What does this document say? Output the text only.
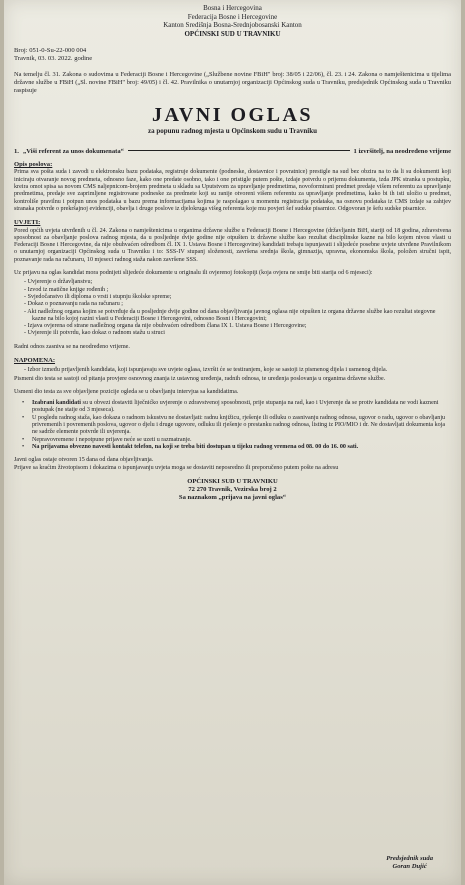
Bosna i Hercegovina
Federacija Bosne i Hercegovine
Kanton Središnja Bosna-Srednjobosanski Kanton
OPĆINSKI SUD U TRAVNIKU
Broj: 051-0-Su-22-000 004
Travnik, 03. 03. 2022. godine
Na temelju čl. 31. Zakona o sudovima u Federaciji Bosne i Hercegovine („Službene novine FBiH" broj: 38/05 i 22/06), čl. 23. i 24. Zakona o namještenicima u tijelima državne službe u FBiH („Sl. novine FBiH" broj: 49/05) i čl. 42. Pravilnika o unutarnjoj organizaciji Općinskog suda u Travniku, predsjednik Općinskog suda u Travniku raspisuje
JAVNI OGLAS
za popunu radnog mjesta u Općinskom sudu u Travniku
1. „Viši referent za unos dokumenata“	1 izvršitelj, na neodređeno vrijeme
Opis poslova:
Prima sva pošta suda i zavodi u elektronsku bazu podataka, registruje dokumente (podneske, dostavnice i povratnice) prestiglе na sud bez obzira na to da li su dokumenti koji iniciraju otvaranje novog predmeta, odnosno faze, kako one predate osobno, tako i one pristigle putem pošte, izdaje potvrdu o prijemu dokumenta, izda JPK stranka u postupku, kreira omot spisa sa novom CMS naljepnicom-brojem predmeta u skladu sa Uputstvom za upravljanje predmetima, novoformirani predmet predaje višem referentu za upravljanje predmetima, predaje sve zaprimljene registrovane podneske za predmete koji su ranije otvoreni višem referentu za upravljanje predmetima, kako bi ih isti uložio u predmet, kontroliše pravilnu i potpun unos podataka u bazu prema informacijama kojima je raspolagao u momentu registracija podataka, na osnovu podataka iz CMS izdaje sa zahtjev stranaka potvrde o prekršajnoj evidenciji, obavlja i druge poslove iz djelokruga višeg referenta koje mu povjeri šef sudske pisarnice. Odgovoran je šefu sudske pisarnice.
UVJETI:
Pored općih uvjeta utvrđenih u čl. 24. Zakona o namještenicima u organima državne službe u Federaciji Bosne i Hercegovine (državljanin BiH, stariji od 18 godina, zdravstvena sposobnost za obavljanje poslova radnog mjesta, da u posljednje dvije godine nije otpušten iz državne službe kao rezultat disciplinske kazne na bilo kojem nivou vlasti u Federaciji Bosne i Hercegovine, da nije obuhvaćen odredbom čl. IX 1. Ustava Bosne i Hercegovine) kandidati trebaju ispunjavati i slijedeće posebne uvjete utvrđene Pravilnikom o unutarnjoj organizaciji Općinskog suda u Travniku i to: SSS-IV stupanj složenosti, završena srednja škola, gimnazija, upravna, ekonomska škola, položen stručni ispit, poznavanje rada na računaru, 10 mjeseci radnog staža nakon završene SSS.
Uz prijavu na oglas kandidat mora podnijeti slijedeće dokumente u originalu ili ovjerenoj fotokopiji (koja ovjera ne smije biti starija od 6 mjeseci):
- Uvjerenje o državljanstvu;
- Izvod iz matične knjige rođenih ;
- Svjedočanstvo ili diploma o vrsti i stupnju školske spreme;
- Dokaz o poznavanju rada na računaru ;
- Akt nadležnog organa kojim se potvrđuje da u posljednje dvije godine od dana objavljivanja javnog oglasa nije otpušten iz organa državne službe kao rezultat stegovne kazne na bilo kojoj razini vlasti u Federaciji Bosne i Hercegovini, odnosno Bosni i Hercegovini;
- Izjava ovjerena od strane nadležnog organa da nije obuhvaćen odredbom člana IX 1. Ustava Bosne i Hercegovine;
- Uvjerenje ili potvrdu, kao dokaz o radnom stažu u struci
Radni odnos zasniva se na neodređeno vrijeme.
NAPOMENA:
- Izbor između prijavljenih kandidata, koji ispunjavaju sve uvjete oglasa, izvršit će se testiranjem, koje se sastoji iz pismenog dijela i usmenog dijela.
Pismeni dio testa se sastoji od pitanja provjere osnovnog znanja iz ustavnog uređenja, radnih odnosa, te uređenja poslovanja u organima državne službe.
Usmeni dio testa za sve objavljene pozicije ogleda se u obavljanju intervjua sa kandidatima.
• Izabrani kandidati su u obvezi dostaviti liječnićko uvjerenje o zdravstvenoj sposobnosti, prije stupanja na rad, kao i Uvjerenje da se protiv kandidata ne vodi kazneni postupak (ne staije od 3 mjeseca).
• U pogledu radnog staža, kao dokaza o radnom iskustvu ne dostavljati: radnu knjižicu, rješenje ili odluku o zasnivanju radnog odnosa, ugovor o radu, ugovor o obavljanju privremenih i povremenih poslova, ugovor o djelu i druge ugovore, odluku ili rješenje o prestanku radnog odnosa, listing iz PIO/MIO i dr. Ne dostavljati dokumenta koja ne sadrže elemente potvrde ili uvjerenja.
• Nepravovremene i nepotpune prijave neće se uzeti u razmatranje.
• Na prijavama obvezno navesti kontakt telefon, na koji se treba biti dostupan u tijeku radnog vremena od 08. 00 do 16. 00 sati.
Javni oglas ostaje otvoren 15 dana od dana objavljivanja.
Prijave sa kraćim životopisom i dokazima o ispunjavanju uvjeta moga se dostaviti neposredno ili preporučeno putem pošte na adresu
OPĆINSKI SUD U TRAVNIKU
72 270 Travnik, Vezirska broj 2
Sa naznakom „prijava na javni oglas“
Predsjednik suda
Goran Dujić
